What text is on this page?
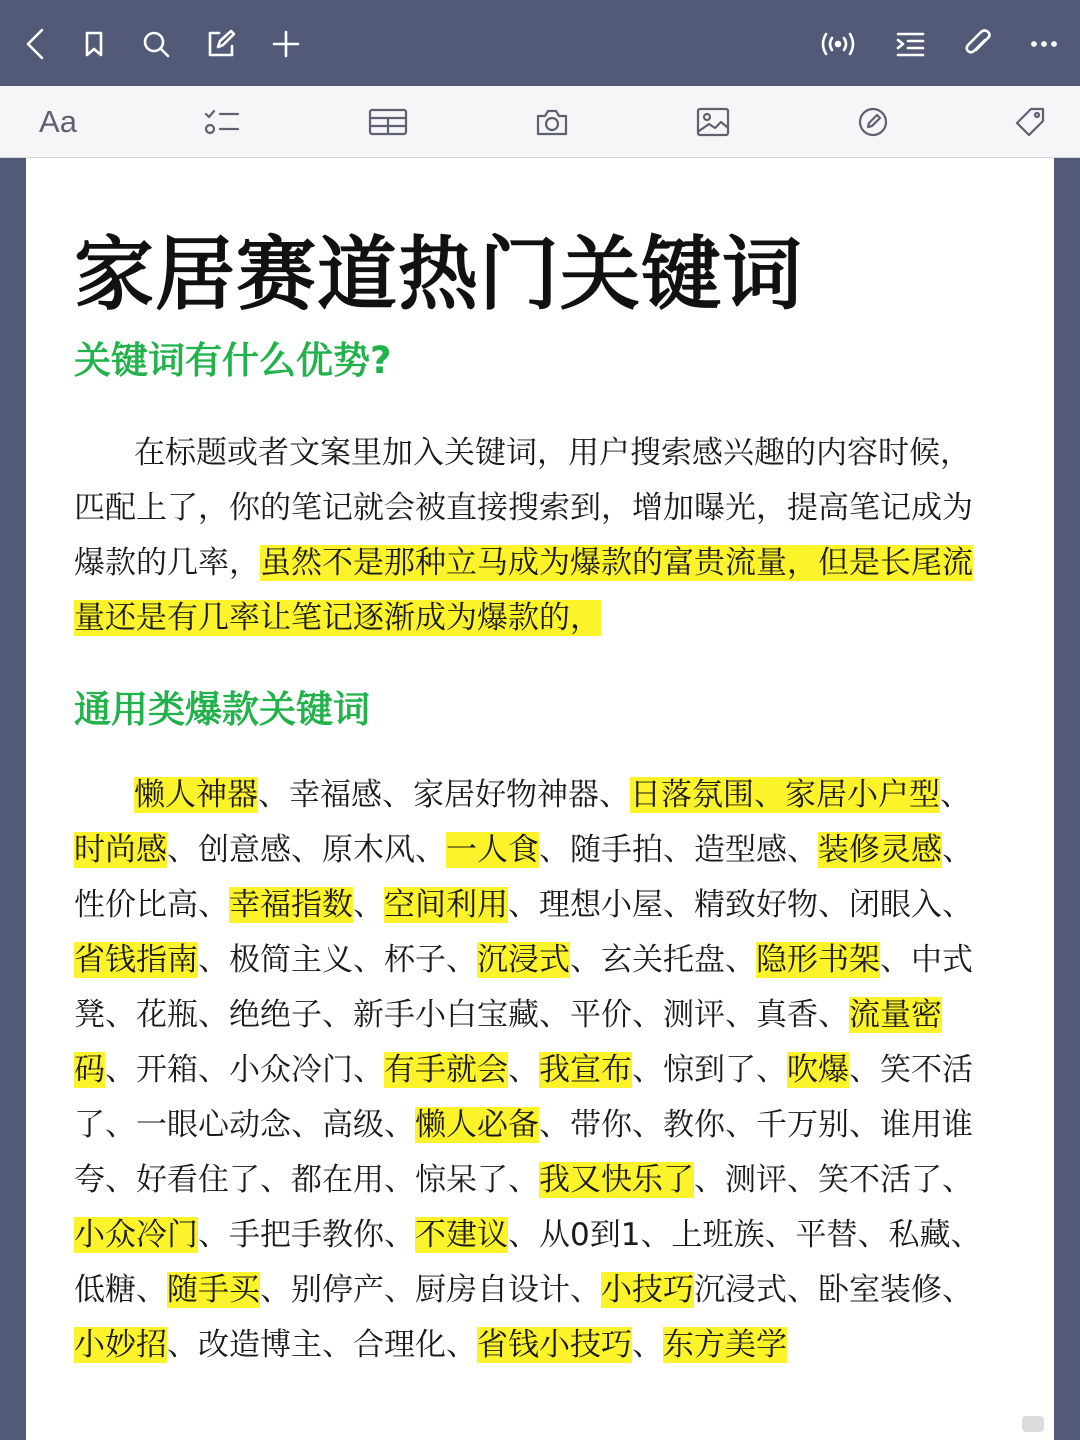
Aa
家居赛道热门关键词
关键词有什么优势?
在标题或者文案里加入关键词，用户搜索感兴趣的内容时候，匹配上了，你的笔记就会被直接搜索到，增加曝光，提高笔记成为爆款的几率，虽然不是那种立马成为爆款的富贵流量，但是长尾流量还是有几率让笔记逐渐成为爆款的，
通用类爆款关键词
懒人神器、幸福感、家居好物神器、日落氛围、家居小户型、时尚感、创意感、原木风、一人食、随手拍、造型感、装修灵感、性价比高、幸福指数、空间利用、理想小屋、精致好物、闭眼入、省钱指南、极简主义、杯子、沉浸式、玄关托盘、隐形书架、中式凳、花瓶、绝绝子、新手小白宝藏、平价、测评、真香、流量密码、开箱、小众冷门、有手就会、我宣布、惊到了、吹爆、笑不活了、一眼心动念、高级、懒人必备、带你、教你、千万别、谁用谁夸、好看住了、都在用、惊呆了、我又快乐了、测评、笑不活了、小众冷门、手把手教你、不建议、从0到1、上班族、平替、私藏、低糖、随手买、别停产、厨房自设计、小技巧沉浸式、卧室装修、小妙招、改造博主、合理化、省钱小技巧、东方美学
